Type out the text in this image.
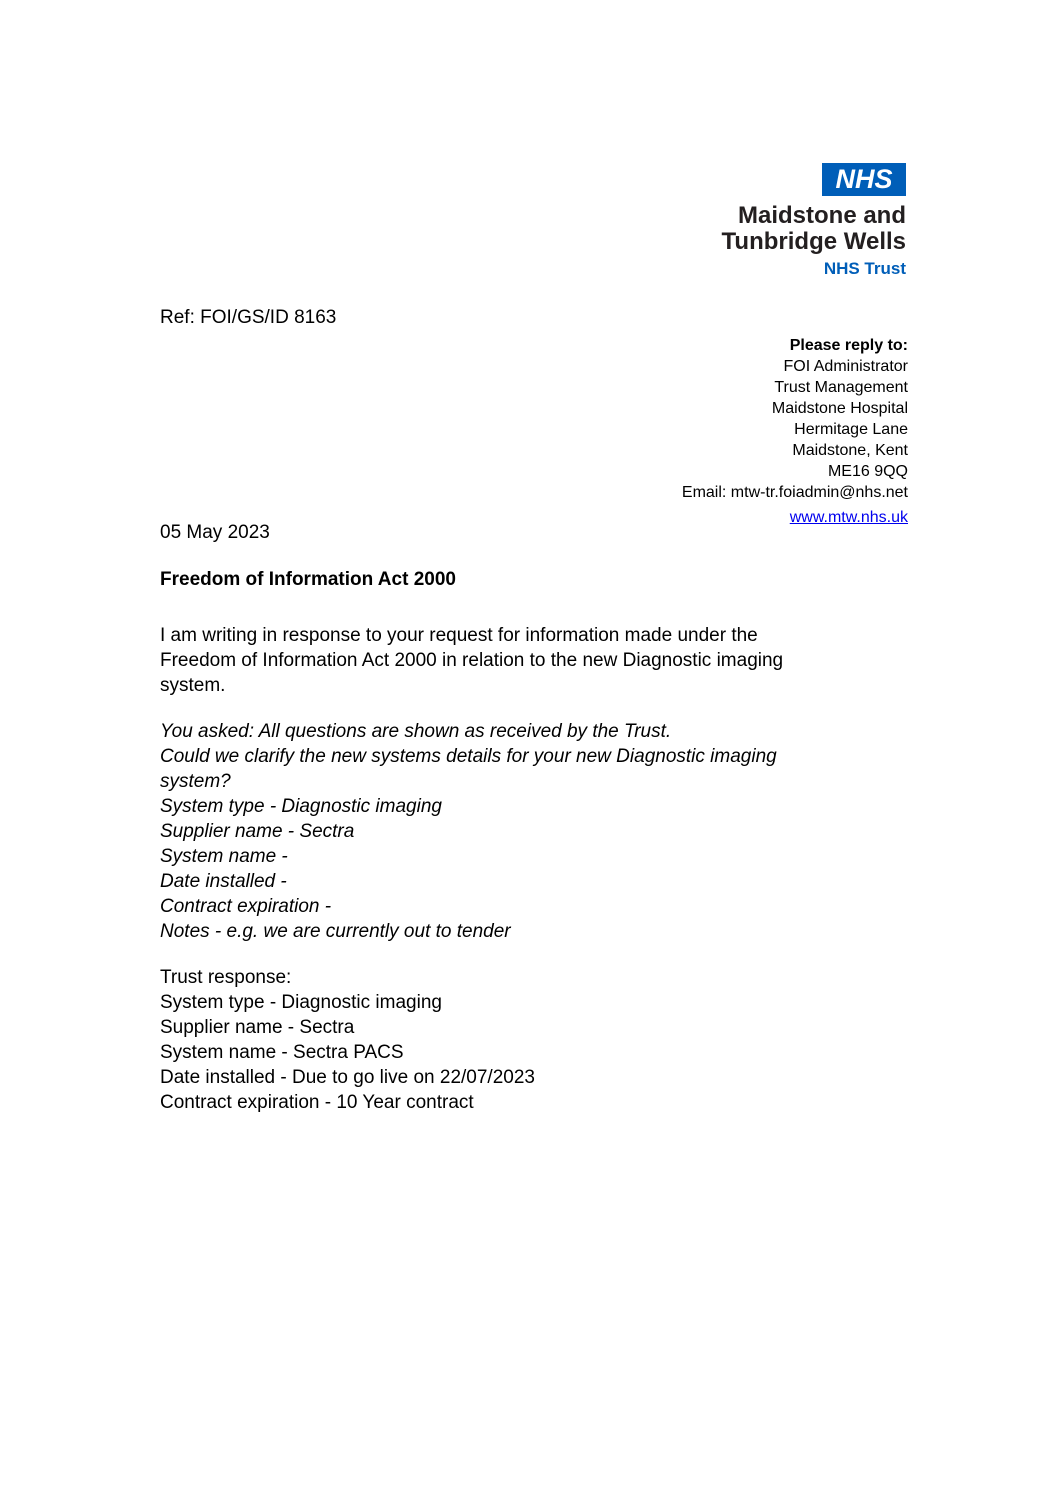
NHS
Maidstone and
Tunbridge Wells
NHS Trust
Ref: FOI/GS/ID 8163
Please reply to:
FOI Administrator
Trust Management
Maidstone Hospital
Hermitage Lane
Maidstone, Kent
ME16 9QQ
Email: mtw-tr.foiadmin@nhs.net
www.mtw.nhs.uk
05 May 2023
Freedom of Information Act 2000
I am writing in response to your request for information made under the
Freedom of Information Act 2000 in relation to the new Diagnostic imaging
system.
You asked: All questions are shown as received by the Trust.
Could we clarify the new systems details for your new Diagnostic imaging
system?
System type - Diagnostic imaging
Supplier name - Sectra
System name -
Date installed -
Contract expiration -
Notes - e.g. we are currently out to tender
Trust response:
System type - Diagnostic imaging
Supplier name - Sectra
System name - Sectra PACS
Date installed - Due to go live on 22/07/2023
Contract expiration - 10 Year contract
